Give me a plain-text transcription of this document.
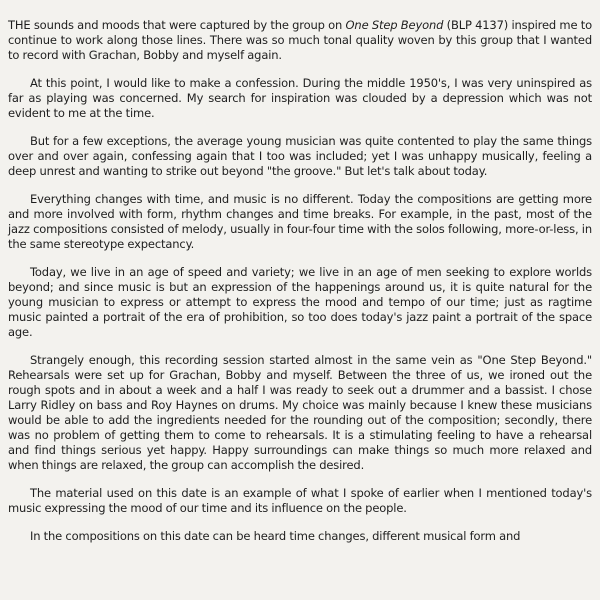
THE sounds and moods that were captured by the group on One Step Beyond (BLP 4137) inspired me to continue to work along those lines. There was so much tonal quality woven by this group that I wanted to record with Grachan, Bobby and myself again.

At this point, I would like to make a confession. During the middle 1950's, I was very uninspired as far as playing was concerned. My search for inspiration was clouded by a depression which was not evident to me at the time.

But for a few exceptions, the average young musician was quite contented to play the same things over and over again, confessing again that I too was included; yet I was unhappy musically, feeling a deep unrest and wanting to strike out beyond "the groove." But let's talk about today.

Everything changes with time, and music is no different. Today the compositions are getting more and more involved with form, rhythm changes and time breaks. For example, in the past, most of the jazz compositions consisted of melody, usually in four-four time with the solos following, more-or-less, in the same stereotype expectancy.

Today, we live in an age of speed and variety; we live in an age of men seeking to explore worlds beyond; and since music is but an expression of the happenings around us, it is quite natural for the young musician to express or attempt to express the mood and tempo of our time; just as ragtime music painted a portrait of the era of prohibition, so too does today's jazz paint a portrait of the space age.

Strangely enough, this recording session started almost in the same vein as "One Step Beyond." Rehearsals were set up for Grachan, Bobby and myself. Between the three of us, we ironed out the rough spots and in about a week and a half I was ready to seek out a drummer and a bassist. I chose Larry Ridley on bass and Roy Haynes on drums. My choice was mainly because I knew these musicians would be able to add the ingredients needed for the rounding out of the composition; secondly, there was no problem of getting them to come to rehearsals. It is a stimulating feeling to have a rehearsal and find things serious yet happy. Happy surroundings can make things so much more relaxed and when things are relaxed, the group can accomplish the desired.

The material used on this date is an example of what I spoke of earlier when I mentioned today's music expressing the mood of our time and its influence on the people.

In the compositions on this date can be heard time changes, different musical form and
